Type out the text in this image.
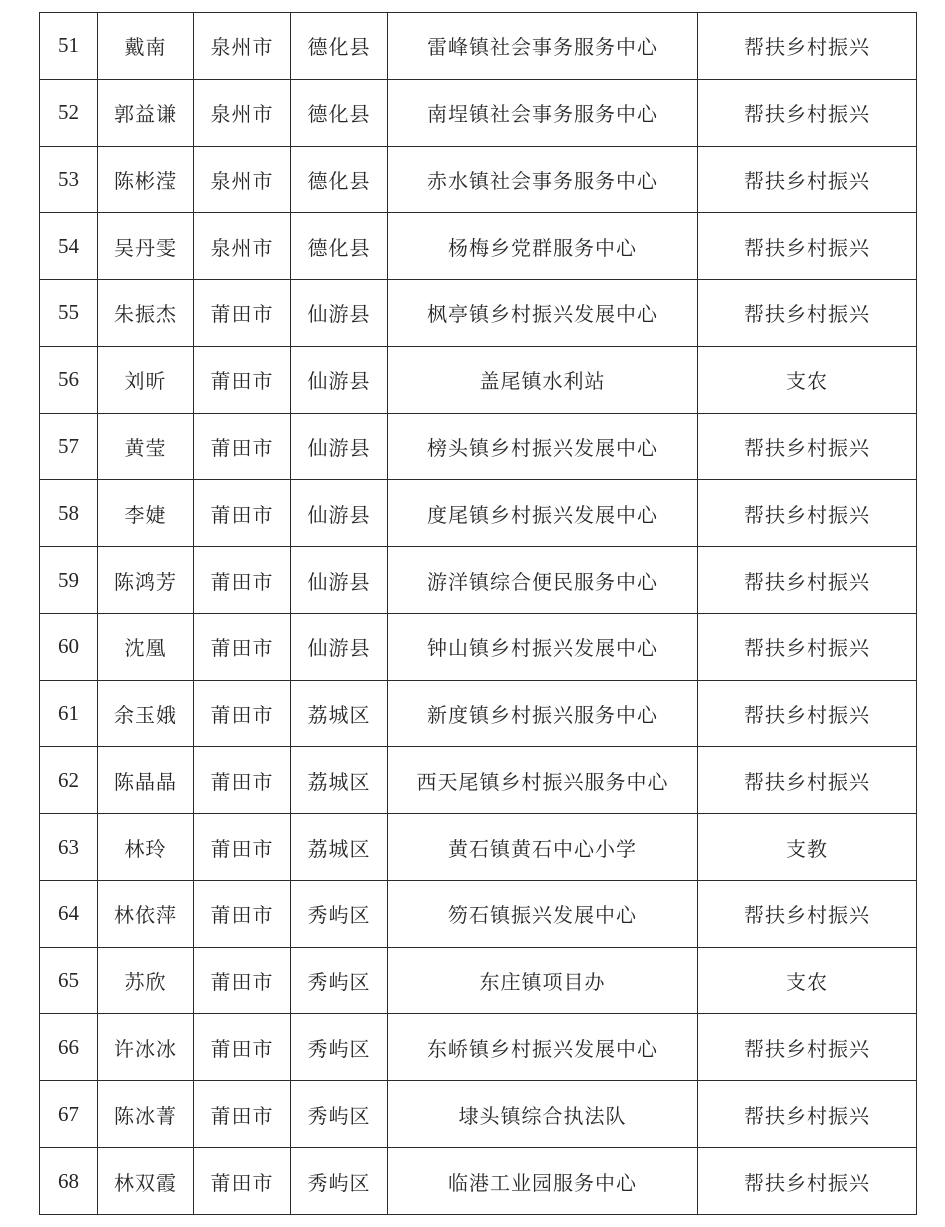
51	戴南	泉州市	德化县	雷峰镇社会事务服务中心	帮扶乡村振兴
52	郭益谦	泉州市	德化县	南埕镇社会事务服务中心	帮扶乡村振兴
53	陈彬滢	泉州市	德化县	赤水镇社会事务服务中心	帮扶乡村振兴
54	吴丹雯	泉州市	德化县	杨梅乡党群服务中心	帮扶乡村振兴
55	朱振杰	莆田市	仙游县	枫亭镇乡村振兴发展中心	帮扶乡村振兴
56	刘昕	莆田市	仙游县	盖尾镇水利站	支农
57	黄莹	莆田市	仙游县	榜头镇乡村振兴发展中心	帮扶乡村振兴
58	李婕	莆田市	仙游县	度尾镇乡村振兴发展中心	帮扶乡村振兴
59	陈鸿芳	莆田市	仙游县	游洋镇综合便民服务中心	帮扶乡村振兴
60	沈凰	莆田市	仙游县	钟山镇乡村振兴发展中心	帮扶乡村振兴
61	余玉娥	莆田市	荔城区	新度镇乡村振兴服务中心	帮扶乡村振兴
62	陈晶晶	莆田市	荔城区	西天尾镇乡村振兴服务中心	帮扶乡村振兴
63	林玲	莆田市	荔城区	黄石镇黄石中心小学	支教
64	林依萍	莆田市	秀屿区	笏石镇振兴发展中心	帮扶乡村振兴
65	苏欣	莆田市	秀屿区	东庄镇项目办	支农
66	许冰冰	莆田市	秀屿区	东峤镇乡村振兴发展中心	帮扶乡村振兴
67	陈冰菁	莆田市	秀屿区	埭头镇综合执法队	帮扶乡村振兴
68	林双霞	莆田市	秀屿区	临港工业园服务中心	帮扶乡村振兴
